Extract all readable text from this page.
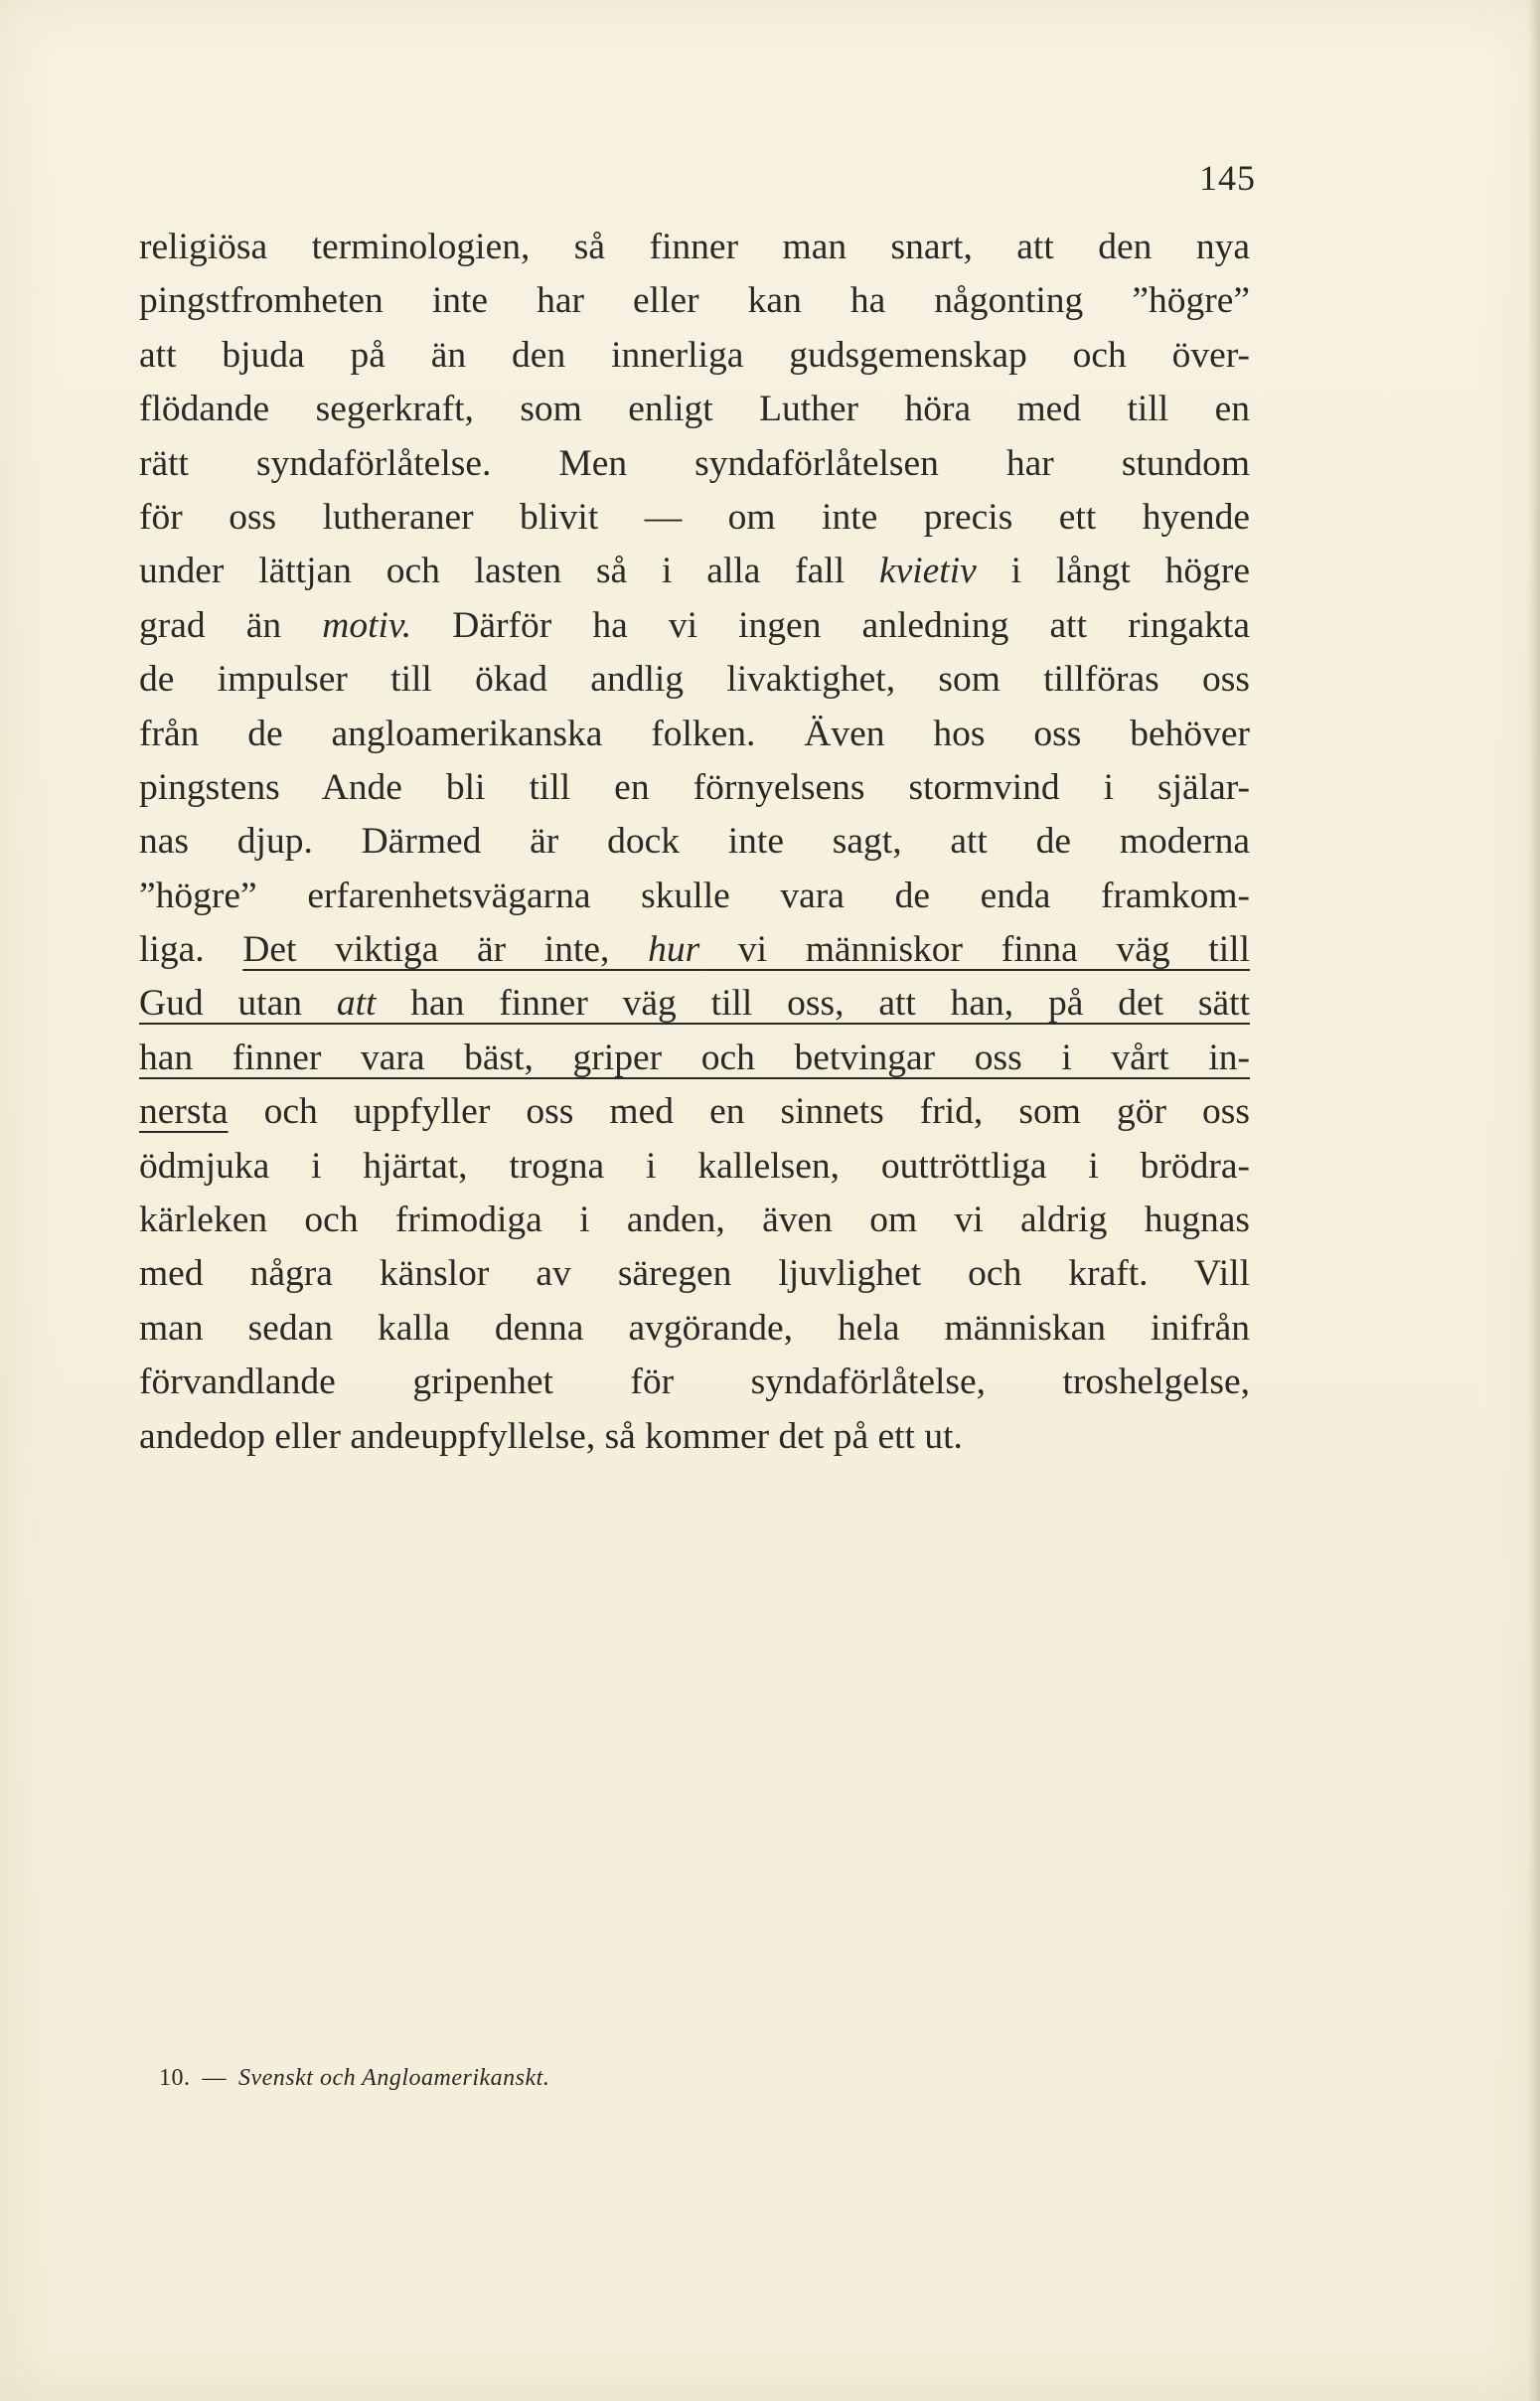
145
religiösa terminologien, så finner man snart, att den nya
pingstfromheten inte har eller kan ha någonting ”högre”
att bjuda på än den innerliga gudsgemenskap och över-
flödande segerkraft, som enligt Luther höra med till en
rätt syndaförlåtelse. Men syndaförlåtelsen har stundom
för oss lutheraner blivit — om inte precis ett hyende
under lättjan och lasten så i alla fall kvietiv i långt högre
grad än motiv. Därför ha vi ingen anledning att ringakta
de impulser till ökad andlig livaktighet, som tillföras oss
från de angloamerikanska folken. Även hos oss behöver
pingstens Ande bli till en förnyelsens stormvind i själar-
nas djup. Därmed är dock inte sagt, att de moderna
”högre” erfarenhetsvägarna skulle vara de enda framkom-
liga. Det viktiga är inte, hur vi människor finna väg till
Gud utan att han finner väg till oss, att han, på det sätt
han finner vara bäst, griper och betvingar oss i vårt in-
nersta och uppfyller oss med en sinnets frid, som gör oss
ödmjuka i hjärtat, trogna i kallelsen, outtröttliga i brödra-
kärleken och frimodiga i anden, även om vi aldrig hugnas
med några känslor av säregen ljuvlighet och kraft. Vill
man sedan kalla denna avgörande, hela människan inifrån
förvandlande gripenhet för syndaförlåtelse, troshelgelse,
andedop eller andeuppfyllelse, så kommer det på ett ut.
10. — Svenskt och Angloamerikanskt.
